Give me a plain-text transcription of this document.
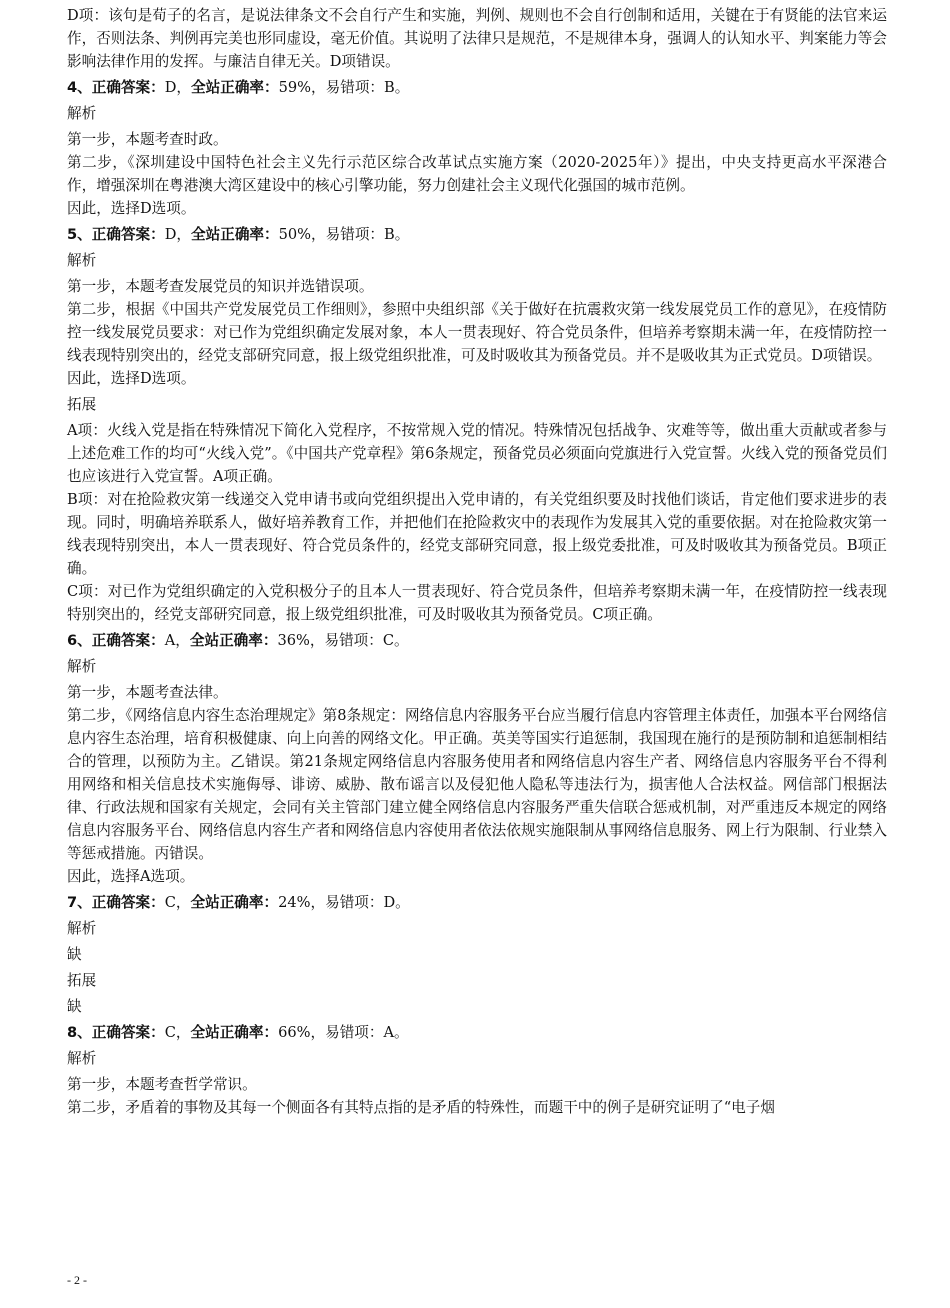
D项：该句是荀子的名言，是说法律条文不会自行产生和实施，判例、规则也不会自行创制和适用，关键在于有贤能的法官来运作，否则法条、判例再完美也形同虚设，毫无价值。其说明了法律只是规范，不是规律本身，强调人的认知水平、判案能力等会影响法律作用的发挥。与廉洁自律无关。D项错误。

4、正确答案：D，全站正确率：59%，易错项：B。

解析

第一步，本题考查时政。

第二步，《深圳建设中国特色社会主义先行示范区综合改革试点实施方案（2020-2025年）》提出，中央支持更高水平深港合作，增强深圳在粤港澳大湾区建设中的核心引擎功能，努力创建社会主义现代化强国的城市范例。

因此，选择D选项。

5、正确答案：D，全站正确率：50%，易错项：B。

解析

第一步，本题考查发展党员的知识并选错误项。

第二步，根据《中国共产党发展党员工作细则》，参照中央组织部《关于做好在抗震救灾第一线发展党员工作的意见》，在疫情防控一线发展党员要求：对已作为党组织确定发展对象，本人一贯表现好、符合党员条件，但培养考察期未满一年，在疫情防控一线表现特别突出的，经党支部研究同意，报上级党组织批准，可及时吸收其为预备党员。并不是吸收其为正式党员。D项错误。

因此，选择D选项。

拓展

A项：火线入党是指在特殊情况下简化入党程序，不按常规入党的情况。特殊情况包括战争、灾难等等，做出重大贡献或者参与上述危难工作的均可“火线入党”。《中国共产党章程》第6条规定，预备党员必须面向党旗进行入党宣誓。火线入党的预备党员们也应该进行入党宣誓。A项正确。

B项：对在抢险救灾第一线递交入党申请书或向党组织提出入党申请的，有关党组织要及时找他们谈话，肯定他们要求进步的表现。同时，明确培养联系人，做好培养教育工作，并把他们在抢险救灾中的表现作为发展其入党的重要依据。对在抢险救灾第一线表现特别突出，本人一贯表现好、符合党员条件的，经党支部研究同意，报上级党委批准，可及时吸收其为预备党员。B项正确。

C项：对已作为党组织确定的入党积极分子的且本人一贯表现好、符合党员条件，但培养考察期未满一年，在疫情防控一线表现特别突出的，经党支部研究同意，报上级党组织批准，可及时吸收其为预备党员。C项正确。

6、正确答案：A，全站正确率：36%，易错项：C。

解析

第一步，本题考查法律。

第二步，《网络信息内容生态治理规定》第8条规定：网络信息内容服务平台应当履行信息内容管理主体责任，加强本平台网络信息内容生态治理，培育积极健康、向上向善的网络文化。甲正确。英美等国实行追惩制，我国现在施行的是预防制和追惩制相结合的管理，以预防为主。乙错误。第21条规定网络信息内容服务使用者和网络信息内容生产者、网络信息内容服务平台不得利用网络和相关信息技术实施侮辱、诽谤、威胁、散布谣言以及侵犯他人隐私等违法行为，损害他人合法权益。网信部门根据法律、行政法规和国家有关规定，会同有关主管部门建立健全网络信息内容服务严重失信联合惩戒机制，对严重违反本规定的网络信息内容服务平台、网络信息内容生产者和网络信息内容使用者依法依规实施限制从事网络信息服务、网上行为限制、行业禁入等惩戒措施。丙错误。

因此，选择A选项。

7、正确答案：C，全站正确率：24%，易错项：D。

解析

缺

拓展

缺

8、正确答案：C，全站正确率：66%，易错项：A。

解析

第一步，本题考查哲学常识。

第二步，矛盾着的事物及其每一个侧面各有其特点指的是矛盾的特殊性，而题干中的例子是研究证明了“电子烟

- 2 -
